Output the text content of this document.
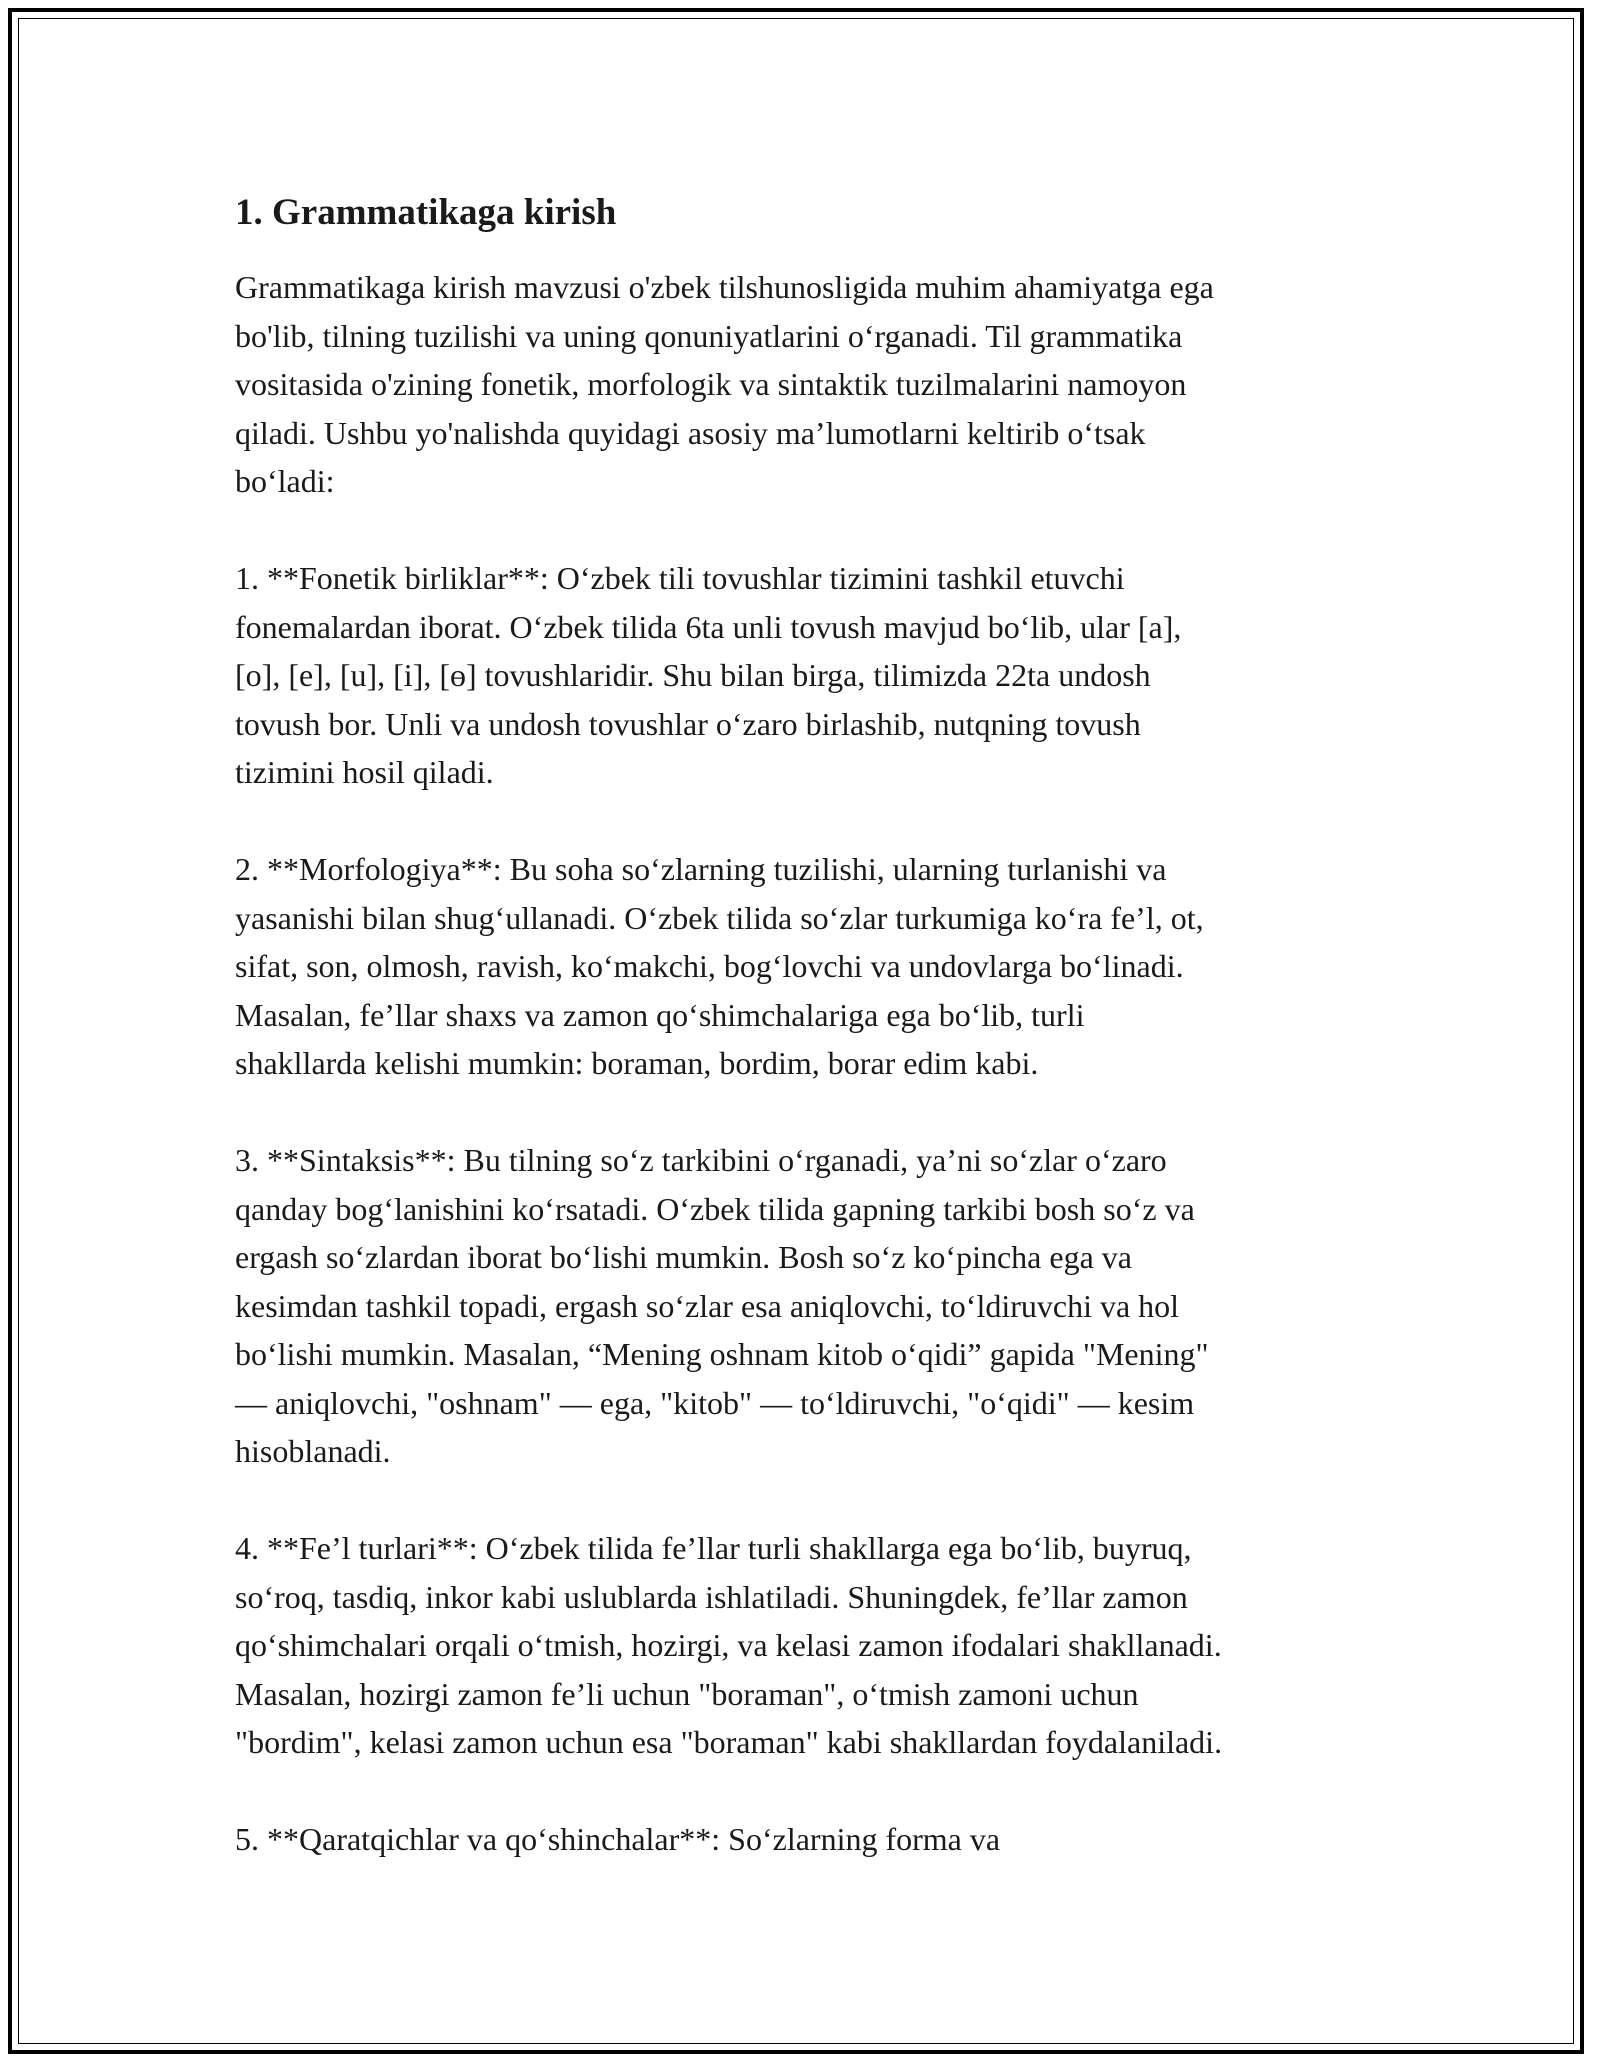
1. Grammatikaga kirish

Grammatikaga kirish mavzusi o'zbek tilshunosligida muhim ahamiyatga ega
bo'lib, tilning tuzilishi va uning qonuniyatlarini o‘rganadi. Til grammatika
vositasida o'zining fonetik, morfologik va sintaktik tuzilmalarini namoyon
qiladi. Ushbu yo'nalishda quyidagi asosiy ma’lumotlarni keltirib o‘tsak
bo‘ladi:

1. **Fonetik birliklar**: O‘zbek tili tovushlar tizimini tashkil etuvchi
fonemalardan iborat. O‘zbek tilida 6ta unli tovush mavjud bo‘lib, ular [a],
[o], [e], [u], [i], [ɵ] tovushlaridir. Shu bilan birga, tilimizda 22ta undosh
tovush bor. Unli va undosh tovushlar o‘zaro birlashib, nutqning tovush
tizimini hosil qiladi.

2. **Morfologiya**: Bu soha so‘zlarning tuzilishi, ularning turlanishi va
yasanishi bilan shug‘ullanadi. O‘zbek tilida so‘zlar turkumiga ko‘ra fe’l, ot,
sifat, son, olmosh, ravish, ko‘makchi, bog‘lovchi va undovlarga bo‘linadi.
Masalan, fe’llar shaxs va zamon qo‘shimchalariga ega bo‘lib, turli
shakllarda kelishi mumkin: boraman, bordim, borar edim kabi.

3. **Sintaksis**: Bu tilning so‘z tarkibini o‘rganadi, ya’ni so‘zlar o‘zaro
qanday bog‘lanishini ko‘rsatadi. O‘zbek tilida gapning tarkibi bosh so‘z va
ergash so‘zlardan iborat bo‘lishi mumkin. Bosh so‘z ko‘pincha ega va
kesimdan tashkil topadi, ergash so‘zlar esa aniqlovchi, to‘ldiruvchi va hol
bo‘lishi mumkin. Masalan, “Mening oshnam kitob o‘qidi” gapida "Mening"
— aniqlovchi, "oshnam" — ega, "kitob" — to‘ldiruvchi, "o‘qidi" — kesim
hisoblanadi.

4. **Fe’l turlari**: O‘zbek tilida fe’llar turli shakllarga ega bo‘lib, buyruq,
so‘roq, tasdiq, inkor kabi uslublarda ishlatiladi. Shuningdek, fe’llar zamon
qo‘shimchalari orqali o‘tmish, hozirgi, va kelasi zamon ifodalari shakllanadi.
Masalan, hozirgi zamon fe’li uchun "boraman", o‘tmish zamoni uchun
"bordim", kelasi zamon uchun esa "boraman" kabi shakllardan foydalaniladi.

5. **Qaratqichlar va qo‘shinchalar**: So‘zlarning forma va
